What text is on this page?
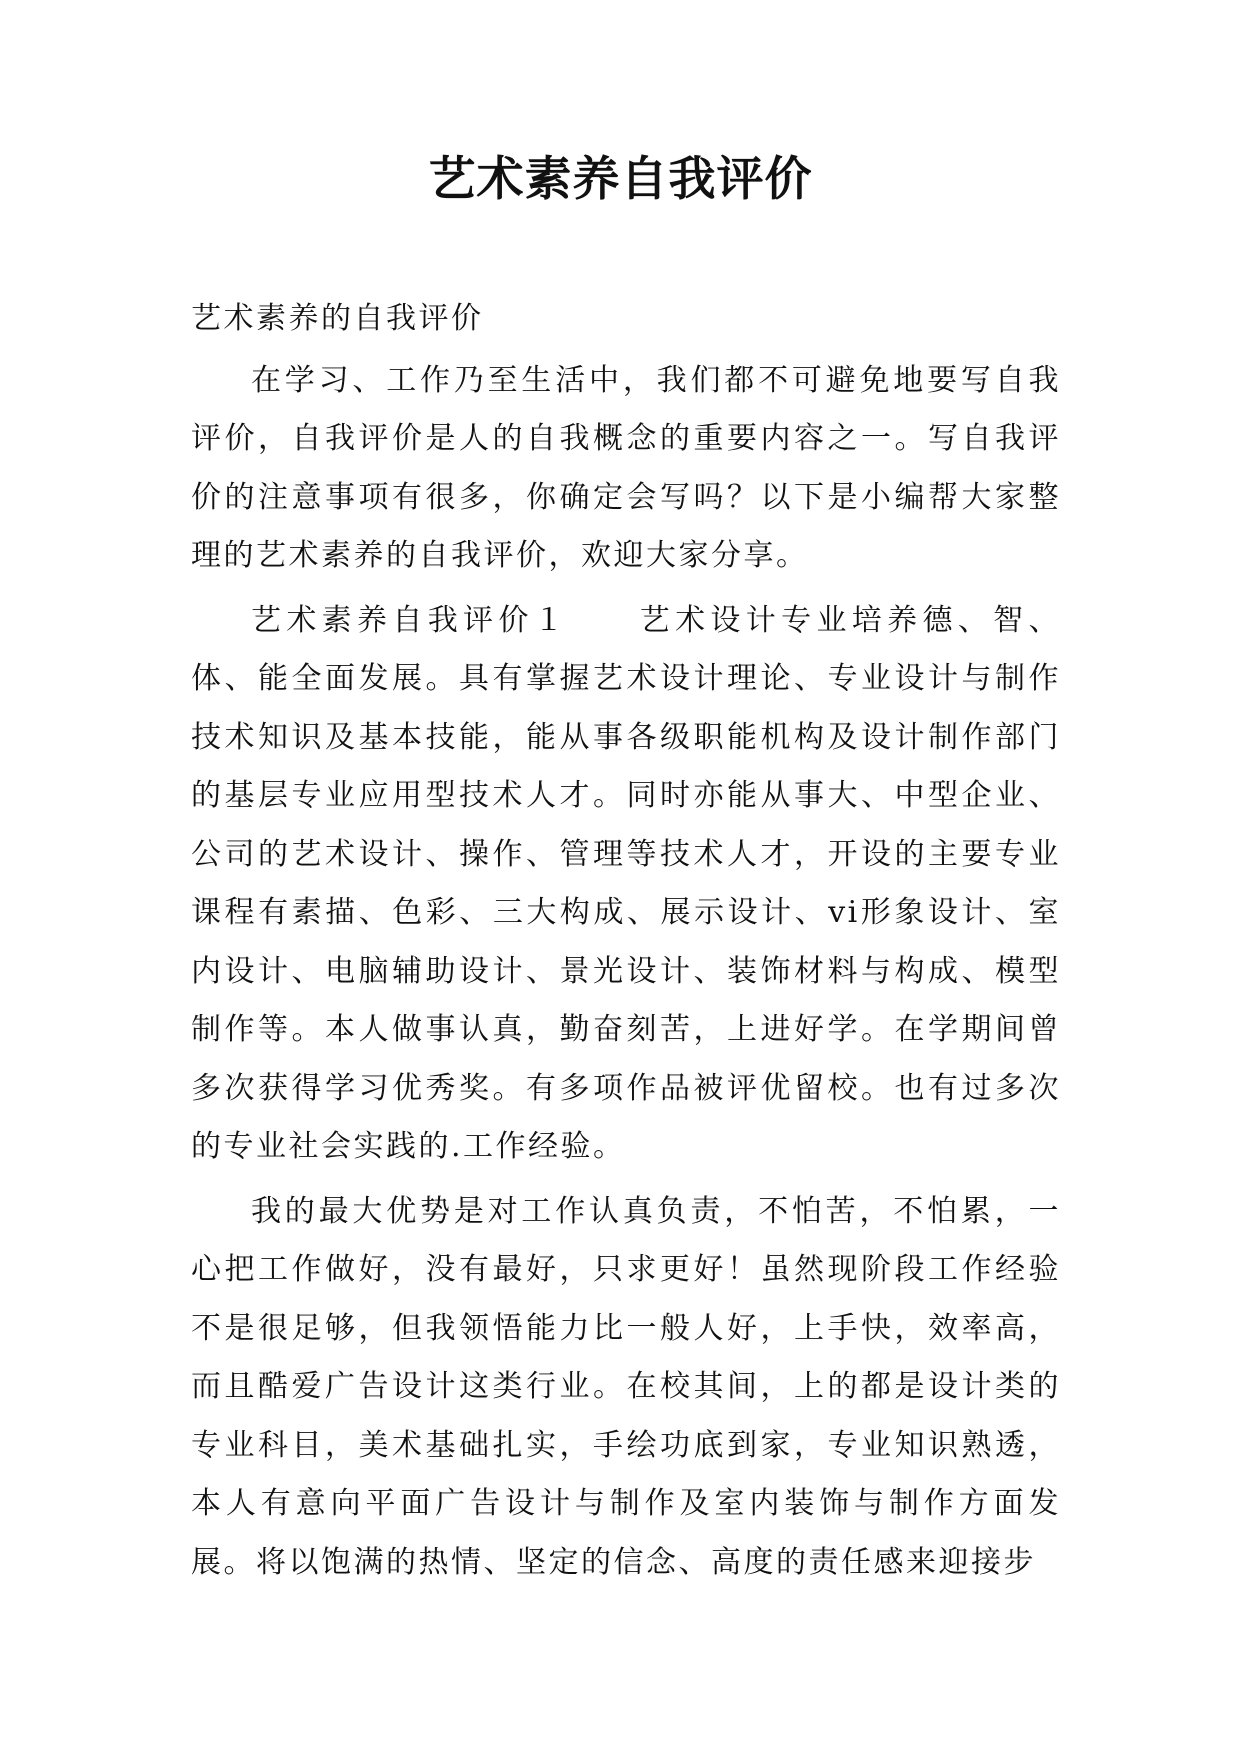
艺术素养自我评价

艺术素养的自我评价

在学习、工作乃至生活中，我们都不可避免地要写自我评价，自我评价是人的自我概念的重要内容之一。写自我评价的注意事项有很多，你确定会写吗？以下是小编帮大家整理的艺术素养的自我评价，欢迎大家分享。

艺术素养自我评价１　　艺术设计专业培养德、智、体、能全面发展。具有掌握艺术设计理论、专业设计与制作技术知识及基本技能，能从事各级职能机构及设计制作部门的基层专业应用型技术人才。同时亦能从事大、中型企业、公司的艺术设计、操作、管理等技术人才，开设的主要专业课程有素描、色彩、三大构成、展示设计、vi形象设计、室内设计、电脑辅助设计、景光设计、装饰材料与构成、模型制作等。本人做事认真，勤奋刻苦，上进好学。在学期间曾多次获得学习优秀奖。有多项作品被评优留校。也有过多次的专业社会实践的.工作经验。

我的最大优势是对工作认真负责，不怕苦，不怕累，一心把工作做好，没有最好，只求更好！虽然现阶段工作经验不是很足够，但我领悟能力比一般人好，上手快，效率高，而且酷爱广告设计这类行业。在校其间，上的都是设计类的专业科目，美术基础扎实，手绘功底到家，专业知识熟透，本人有意向平面广告设计与制作及室内装饰与制作方面发展。将以饱满的热情、坚定的信念、高度的责任感来迎接步
